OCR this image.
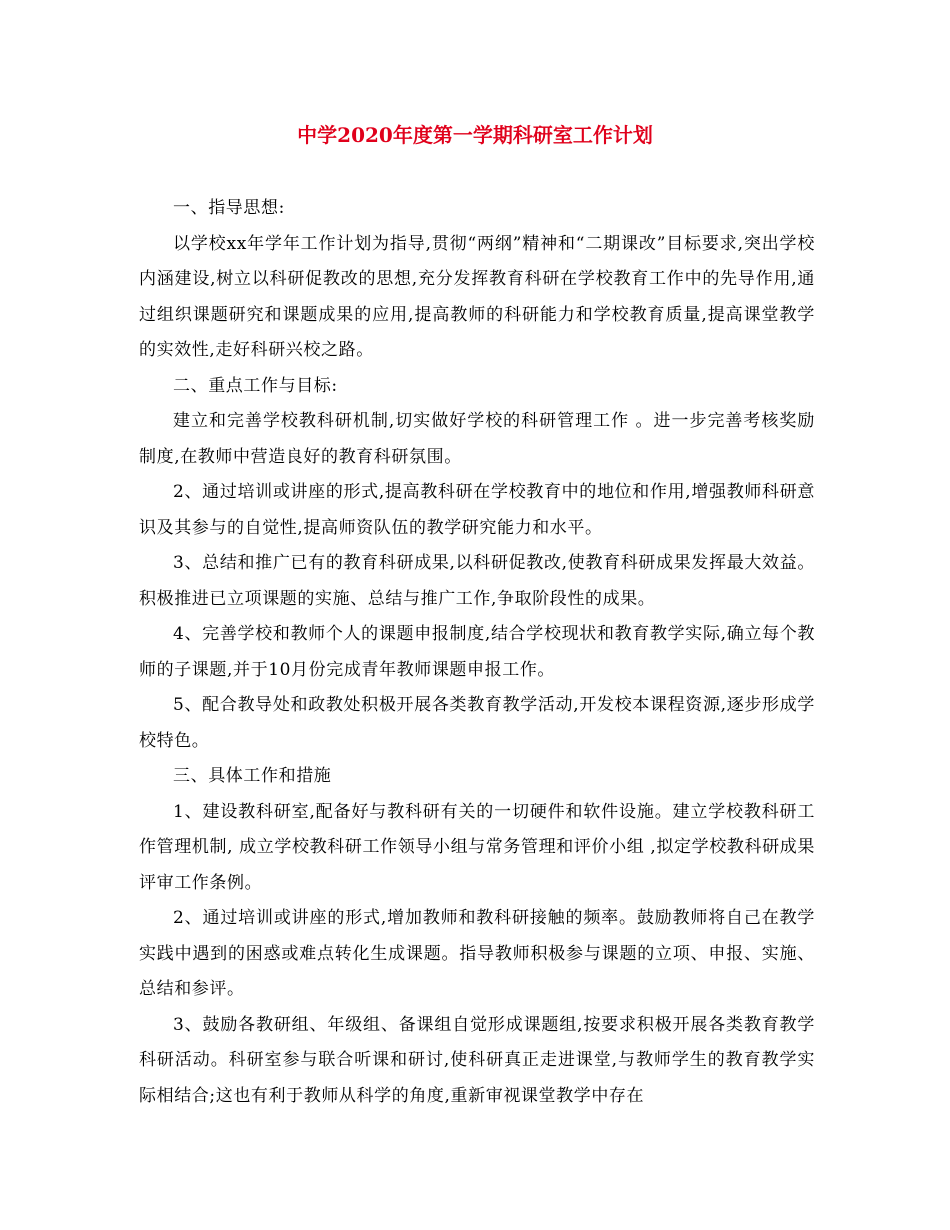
中学2020年度第一学期科研室工作计划

一、指导思想:

以学校xx年学年工作计划为指导,贯彻“两纲”精神和“二期课改”目标要求,突出学校内涵建设,树立以科研促教改的思想,充分发挥教育科研在学校教育工作中的先导作用,通过组织课题研究和课题成果的应用,提高教师的科研能力和学校教育质量,提高课堂教学的实效性,走好科研兴校之路。

二、重点工作与目标:

建立和完善学校教科研机制,切实做好学校的科研管理工作 。进一步完善考核奖励制度,在教师中营造良好的教育科研氛围。

2、通过培训或讲座的形式,提高教科研在学校教育中的地位和作用,增强教师科研意识及其参与的自觉性,提高师资队伍的教学研究能力和水平。

3、总结和推广已有的教育科研成果,以科研促教改,使教育科研成果发挥最大效益。积极推进已立项课题的实施、总结与推广工作,争取阶段性的成果。

4、完善学校和教师个人的课题申报制度,结合学校现状和教育教学实际,确立每个教师的子课题,并于10月份完成青年教师课题申报工作。

5、配合教导处和政教处积极开展各类教育教学活动,开发校本课程资源,逐步形成学校特色。

三、具体工作和措施

1、建设教科研室,配备好与教科研有关的一切硬件和软件设施。建立学校教科研工作管理机制, 成立学校教科研工作领导小组与常务管理和评价小组 ,拟定学校教科研成果评审工作条例。

2、通过培训或讲座的形式,增加教师和教科研接触的频率。鼓励教师将自己在教学实践中遇到的困惑或难点转化生成课题。指导教师积极参与课题的立项、申报、实施、总结和参评。

3、鼓励各教研组、年级组、备课组自觉形成课题组,按要求积极开展各类教育教学科研活动。科研室参与联合听课和研讨,使科研真正走进课堂,与教师学生的教育教学实际相结合;这也有利于教师从科学的角度,重新审视课堂教学中存在
